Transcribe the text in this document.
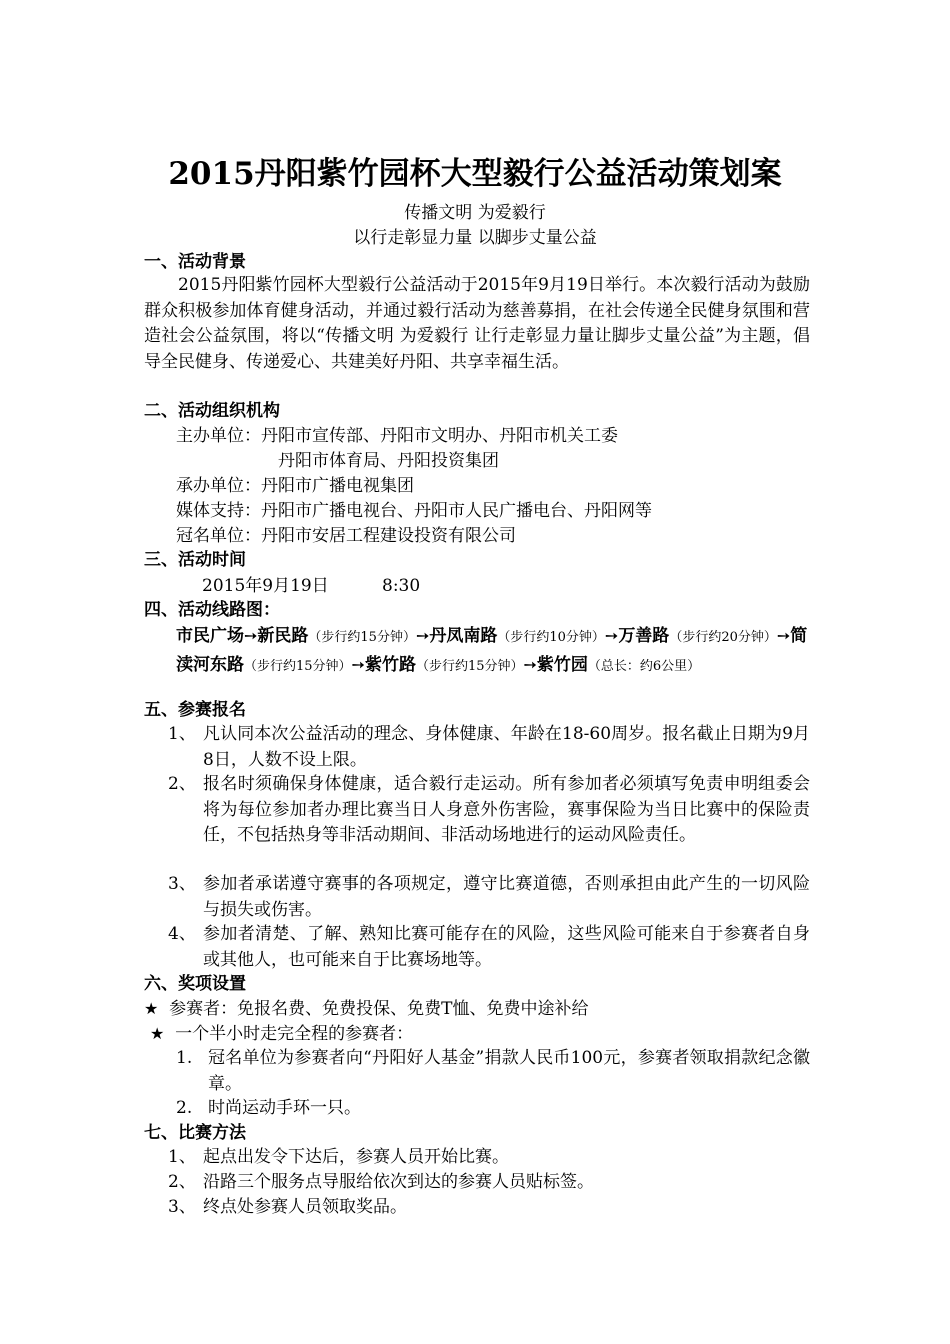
2015丹阳紫竹园杯大型毅行公益活动策划案
传播文明 为爱毅行
以行走彰显力量 以脚步丈量公益
一、活动背景
2015丹阳紫竹园杯大型毅行公益活动于2015年9月19日举行。本次毅行活动为鼓励群众积极参加体育健身活动，并通过毅行活动为慈善募捐，在社会传递全民健身氛围和营造社会公益氛围，将以“传播文明 为爱毅行 让行走彰显力量让脚步丈量公益”为主题，倡导全民健身、传递爱心、共建美好丹阳、共享幸福生活。
二、活动组织机构
主办单位：丹阳市宣传部、丹阳市文明办、丹阳市机关工委
丹阳市体育局、丹阳投资集团
承办单位：丹阳市广播电视集团
媒体支持：丹阳市广播电视台、丹阳市人民广播电台、丹阳网等
冠名单位：丹阳市安居工程建设投资有限公司
三、活动时间
2015年9月19日	8:30
四、活动线路图：
市民广场➙新民路（步行约15分钟）➙丹凤南路（步行约10分钟）➙万善路（步行约20分钟）➙简渎河东路（步行约15分钟）➙紫竹路（步行约15分钟）➙紫竹园（总长：约6公里）
五、参赛报名
1、 凡认同本次公益活动的理念、身体健康、年龄在18-60周岁。报名截止日期为9月8日，人数不设上限。
2、 报名时须确保身体健康，适合毅行走运动。所有参加者必须填写免责申明组委会将为每位参加者办理比赛当日人身意外伤害险，赛事保险为当日比赛中的保险责任，不包括热身等非活动期间、非活动场地进行的运动风险责任。
3、 参加者承诺遵守赛事的各项规定，遵守比赛道德，否则承担由此产生的一切风险与损失或伤害。
4、 参加者清楚、了解、熟知比赛可能存在的风险，这些风险可能来自于参赛者自身或其他人，也可能来自于比赛场地等。
六、奖项设置
★ 参赛者：免报名费、免费投保、免费T恤、免费中途补给
★ 一个半小时走完全程的参赛者：
1. 冠名单位为参赛者向“丹阳好人基金”捐款人民币100元，参赛者领取捐款纪念徽章。
2. 时尚运动手环一只。
七、比赛方法
1、 起点出发令下达后，参赛人员开始比赛。
2、 沿路三个服务点导服给依次到达的参赛人员贴标签。
3、 终点处参赛人员领取奖品。
